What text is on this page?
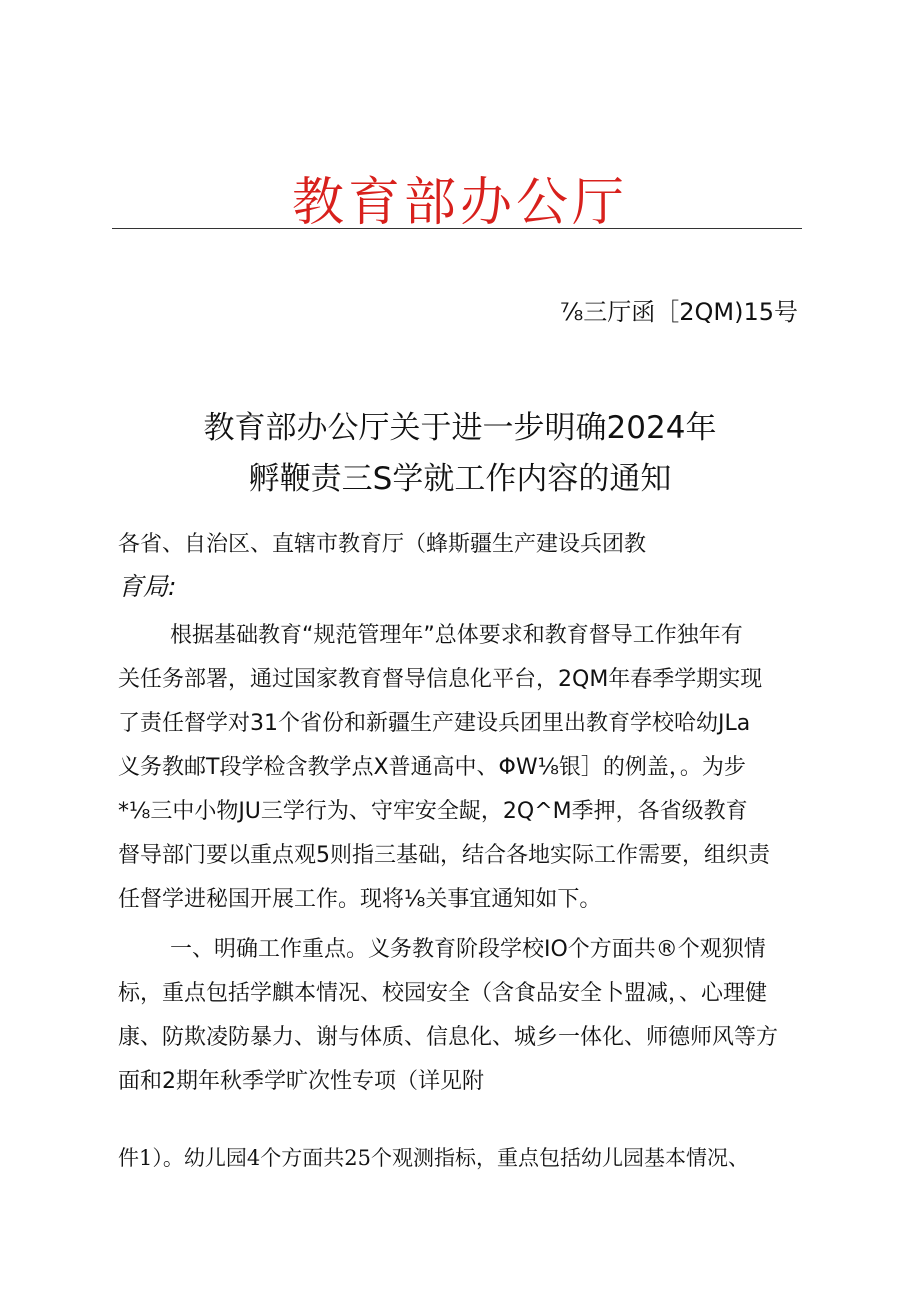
教育部办公厅
⅞三厅函［2QM)15号
教育部办公厅关于进一步明确2024年
孵鞭责三S学就工作内容的通知
各省、自治区、直辖市教育厅（蜂斯疆生产建设兵团教
育局:
根据基础教育“规范管理年”总体要求和教育督导工作独年有
关任务部署，通过国家教育督导信息化平台，2QM年春季学期实现
了责任督学对31个省份和新疆生产建设兵团里出教育学校哈幼JLa
义务教邮T段学检含教学点X普通高中、ΦW⅛银］的例盖，。为步
*⅛三中小物JU三学行为、守牢安全龊，2Q^M季押，各省级教育
督导部门要以重点观5则指三基础，结合各地实际工作需要，组织责
任督学进秘国开展工作。现将⅛关事宜通知如下。
一、明确工作重点。义务教育阶段学校IO个方面共®个观狈情
标，重点包括学麒本情况、校园安全（含食品安全卜盟减，、心理健
康、防欺凌防暴力、谢与体质、信息化、城乡一体化、师德师风等方
面和2期年秋季学旷次性专项（详见附
件1）。幼儿园4个方面共25个观测指标，重点包括幼儿园基本情况、
